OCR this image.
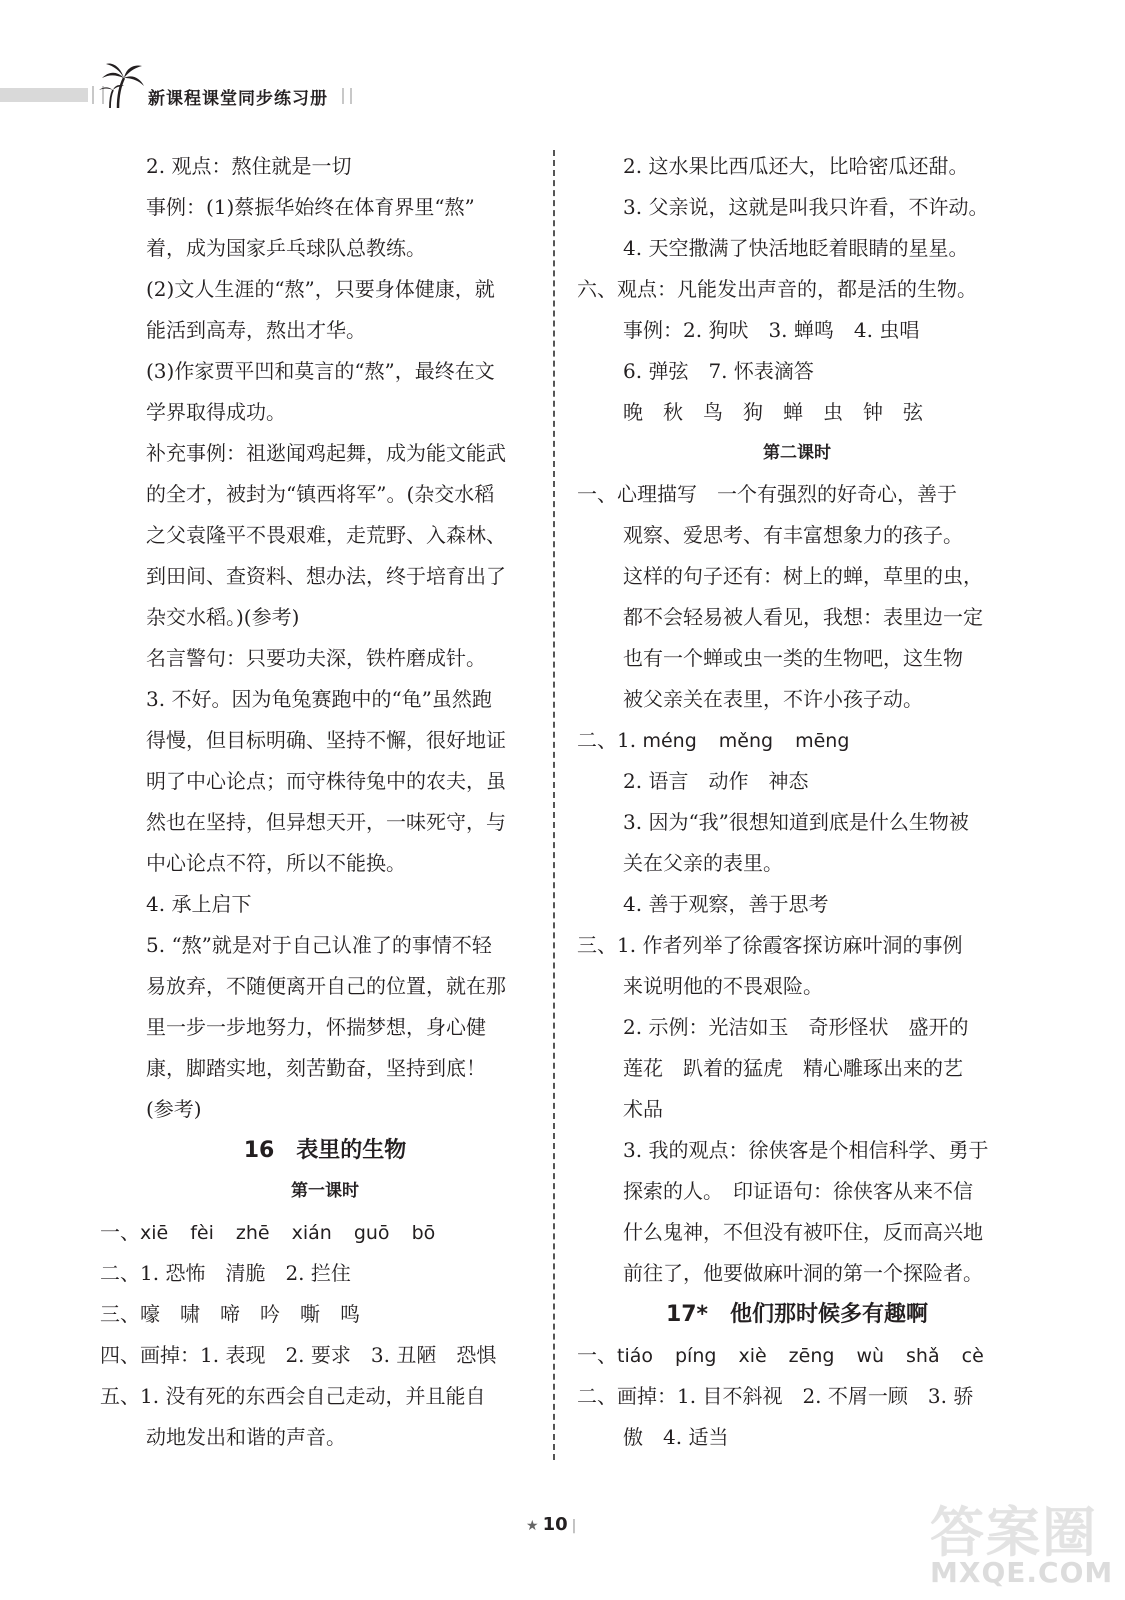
新课程课堂同步练习册
2. 观点：熬住就是一切
事例：(1)蔡振华始终在体育界里“熬”
着，成为国家乒乓球队总教练。
(2)文人生涯的“熬”，只要身体健康，就
能活到高寿，熬出才华。
(3)作家贾平凹和莫言的“熬”，最终在文
学界取得成功。
补充事例：祖逖闻鸡起舞，成为能文能武
的全才，被封为“镇西将军”。(杂交水稻
之父袁隆平不畏艰难，走荒野、入森林、
到田间、查资料、想办法，终于培育出了
杂交水稻。)(参考)
名言警句：只要功夫深，铁杵磨成针。
3. 不好。因为龟兔赛跑中的“龟”虽然跑
得慢，但目标明确、坚持不懈，很好地证
明了中心论点；而守株待兔中的农夫，虽
然也在坚持，但异想天开，一味死守，与
中心论点不符，所以不能换。
4. 承上启下
5. “熬”就是对于自己认准了的事情不轻
易放弃，不随便离开自己的位置，就在那
里一步一步地努力，怀揣梦想，身心健
康，脚踏实地，刻苦勤奋，坚持到底！
(参考)
16　表里的生物
第一课时
一、xiē fèi zhē xián guō bō
二、1. 恐怖　清脆　2. 拦住
三、嚎　啸　啼　吟　嘶　鸣
四、画掉：1. 表现　2. 要求　3. 丑陋　恐惧
五、1. 没有死的东西会自己走动，并且能自
动地发出和谐的声音。
2. 这水果比西瓜还大，比哈密瓜还甜。
3. 父亲说，这就是叫我只许看，不许动。
4. 天空撒满了快活地眨着眼睛的星星。
六、观点：凡能发出声音的，都是活的生物。
事例：2. 狗吠　3. 蝉鸣　4. 虫唱
6. 弹弦　7. 怀表滴答
晚　秋　鸟　狗　蝉　虫　钟　弦
第二课时
一、心理描写　一个有强烈的好奇心，善于
观察、爱思考、有丰富想象力的孩子。
这样的句子还有：树上的蝉，草里的虫，
都不会轻易被人看见，我想：表里边一定
也有一个蝉或虫一类的生物吧，这生物
被父亲关在表里，不许小孩子动。
二、1. méng měng mēng
2. 语言　动作　神态
3. 因为“我”很想知道到底是什么生物被
关在父亲的表里。
4. 善于观察，善于思考
三、1. 作者列举了徐霞客探访麻叶洞的事例
来说明他的不畏艰险。
2. 示例：光洁如玉　奇形怪状　盛开的
莲花　趴着的猛虎　精心雕琢出来的艺
术品
3. 我的观点：徐侠客是个相信科学、勇于
探索的人。　印证语句：徐侠客从来不信
什么鬼神，不但没有被吓住，反而高兴地
前往了，他要做麻叶洞的第一个探险者。
17*　他们那时候多有趣啊
一、tiáo píng xiè zēng wù shǎ cè
二、画掉：1. 目不斜视　2. 不屑一顾　3. 骄
傲　4. 适当
★ 10 |	答案圈
MXQE.COM
